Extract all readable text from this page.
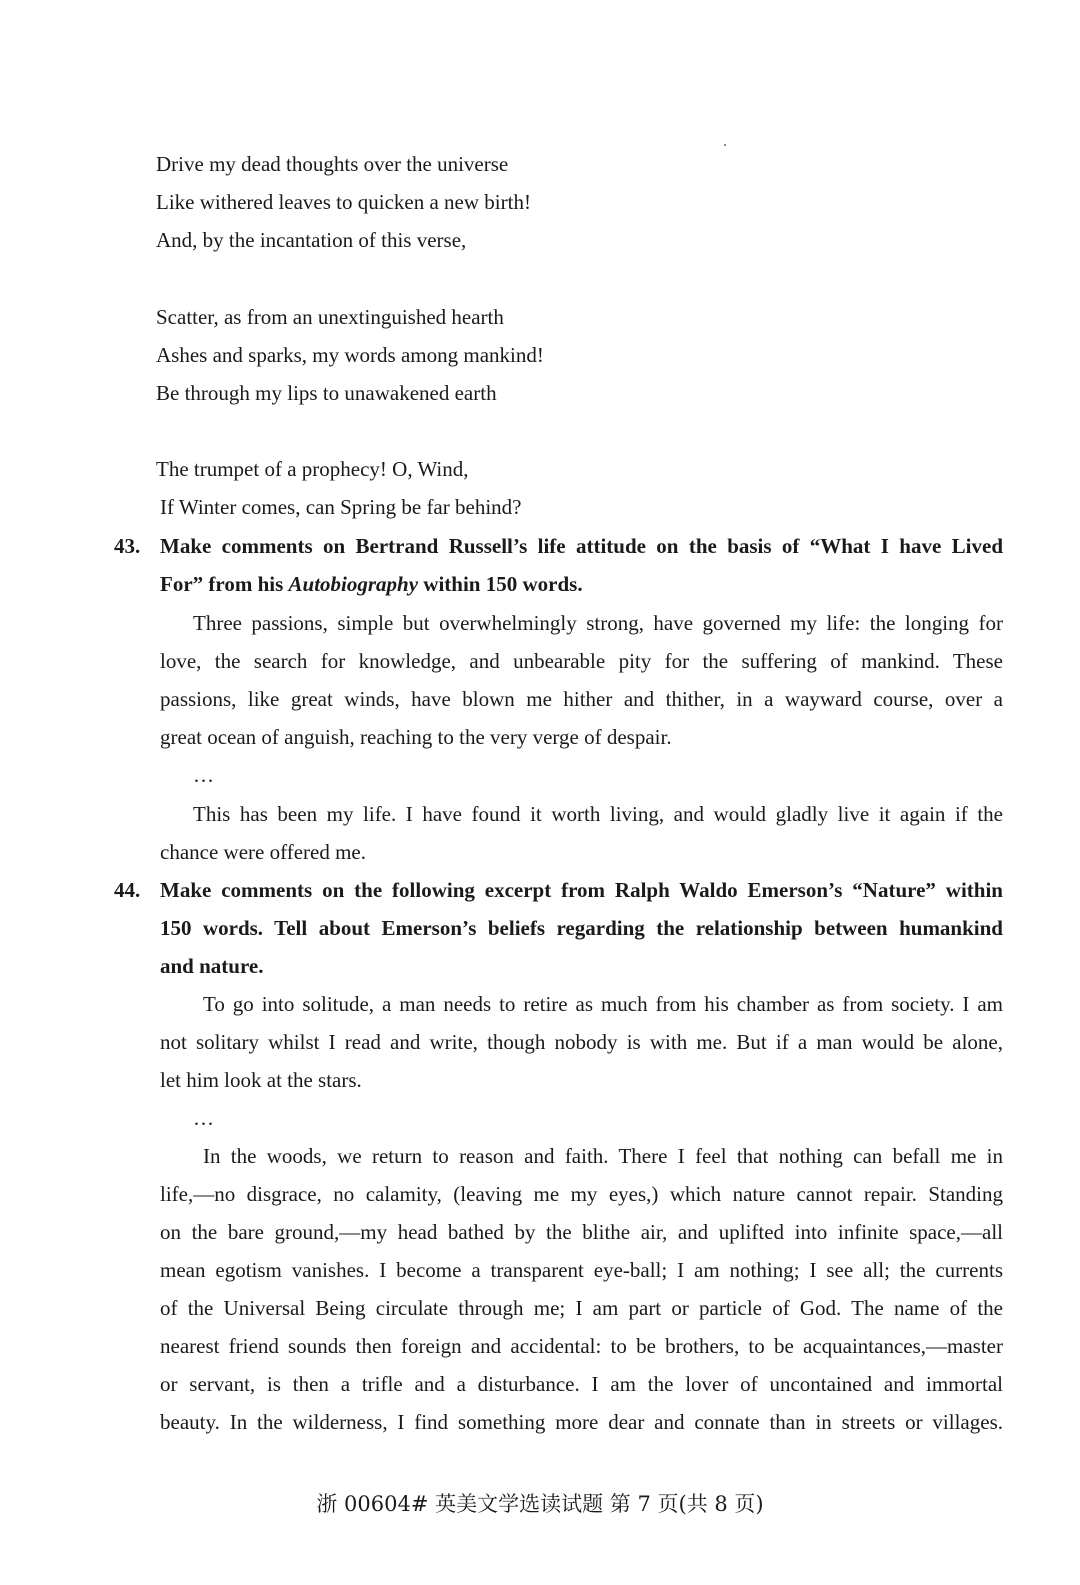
Drive my dead thoughts over the universe
Like withered leaves to quicken a new birth!
And, by the incantation of this verse,
Scatter, as from an unextinguished hearth
Ashes and sparks, my words among mankind!
Be through my lips to unawakened earth
The trumpet of a prophecy! O, Wind,
If Winter comes, can Spring be far behind?
43. Make comments on Bertrand Russell’s life attitude on the basis of “What I have Lived
For” from his Autobiography within 150 words.
Three passions, simple but overwhelmingly strong, have governed my life: the longing for
love, the search for knowledge, and unbearable pity for the suffering of mankind. These
passions, like great winds, have blown me hither and thither, in a wayward course, over a
great ocean of anguish, reaching to the very verge of despair.
…
This has been my life. I have found it worth living, and would gladly live it again if the
chance were offered me.
44. Make comments on the following excerpt from Ralph Waldo Emerson’s “Nature” within
150 words. Tell about Emerson’s beliefs regarding the relationship between humankind
and nature.
To go into solitude, a man needs to retire as much from his chamber as from society. I am
not solitary whilst I read and write, though nobody is with me. But if a man would be alone,
let him look at the stars.
…
In the woods, we return to reason and faith. There I feel that nothing can befall me in
life,—no disgrace, no calamity, (leaving me my eyes,) which nature cannot repair. Standing
on the bare ground,—my head bathed by the blithe air, and uplifted into infinite space,—all
mean egotism vanishes. I become a transparent eye-ball; I am nothing; I see all; the currents
of the Universal Being circulate through me; I am part or particle of God. The name of the
nearest friend sounds then foreign and accidental: to be brothers, to be acquaintances,—master
or servant, is then a trifle and a disturbance. I am the lover of uncontained and immortal
beauty. In the wilderness, I find something more dear and connate than in streets or villages.
浙 00604# 英美文学选读试题 第 7 页(共 8 页)
